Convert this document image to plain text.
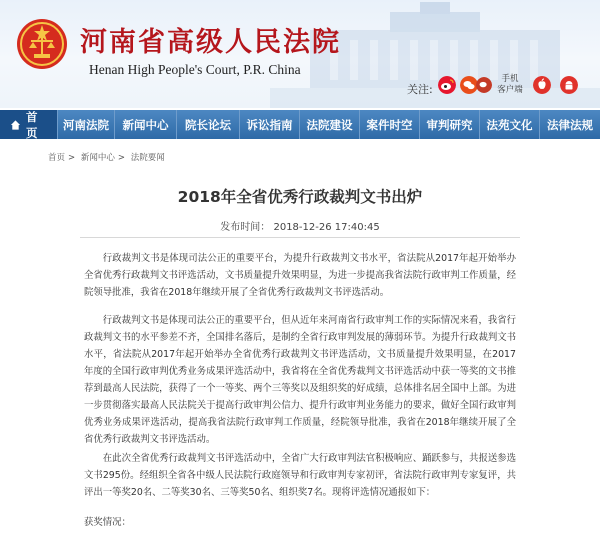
河南省高级人民法院
Henan High People's Court, P.R. China
关注:
手机
客户端
首页
河南法院	新闻中心	院长论坛	诉讼指南	法院建设	案件时空	审判研究	法苑文化	法律法规
首页 > 新闻中心 > 法院要闻
2018年全省优秀行政裁判文书出炉
发布时间： 2018-12-26 17:40:45
行政裁判文书是体现司法公正的重要平台，为提升行政裁判文书水平，省法院从2017年起开始举办全省优秀行政裁判文书评选活动，文书质量提升效果明显，为进一步提高我省法院行政审判工作质量，经院领导批准，我省在2018年继续开展了全省优秀行政裁判文书评选活动。
行政裁判文书是体现司法公正的重要平台，但从近年来河南省行政审判工作的实际情况来看，我省行政裁判文书的水平参差不齐，全国排名落后，是制约全省行政审判发展的薄弱环节。为提升行政裁判文书水平，省法院从2017年起开始举办全省优秀行政裁判文书评选活动，文书质量提升效果明显，在2017年度的全国行政审判优秀业务成果评选活动中，我省将在全省优秀裁判文书评选活动中获一等奖的文书推荐到最高人民法院，获得了一个一等奖、两个三等奖以及组织奖的好成绩，总体排名居全国中上部。为进一步贯彻落实最高人民法院关于提高行政审判公信力、提升行政审判业务能力的要求，做好全国行政审判优秀业务成果评选活动，提高我省法院行政审判工作质量，经院领导批准，我省在2018年继续开展了全省优秀行政裁判文书评选活动。
在此次全省优秀行政裁判文书评选活动中，全省广大行政审判法官积极响应、踊跃参与，共报送参选文书295份。经组织全省各中级人民法院行政庭领导和行政审判专家初评，省法院行政审判专家复评，共评出一等奖20名、二等奖30名、三等奖50名、组织奖7名。现将评选情况通报如下：
获奖情况：
